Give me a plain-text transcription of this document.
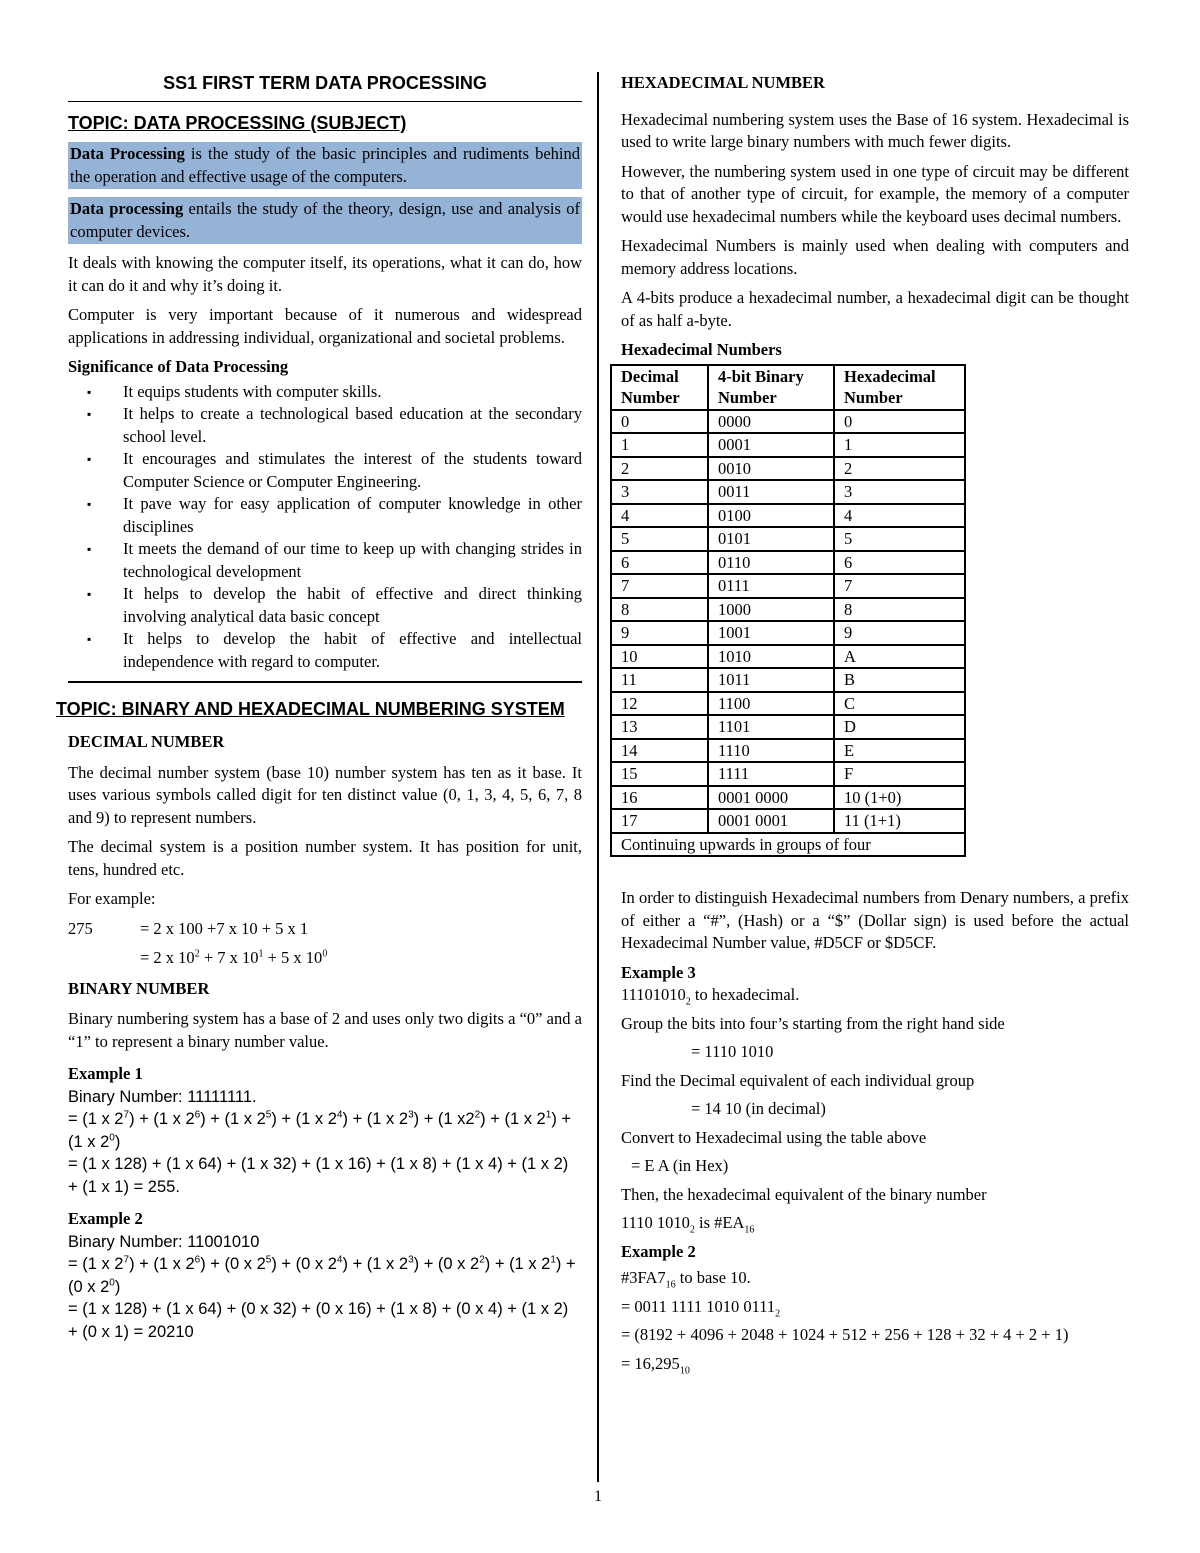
SS1 FIRST TERM DATA PROCESSING
TOPIC: DATA PROCESSING (SUBJECT)
Data Processing is the study of the basic principles and rudiments behind the operation and effective usage of the computers.
Data processing entails the study of the theory, design, use and analysis of computer devices.

It deals with knowing the computer itself, its operations, what it can do, how it can do it and why it’s doing it.

Computer is very important because of it numerous and widespread applications in addressing individual, organizational and societal problems.

Significance of Data Processing
▪ It equips students with computer skills.
▪ It helps to create a technological based education at the secondary school level.
▪ It encourages and stimulates the interest of the students toward Computer Science or Computer Engineering.
▪ It pave way for easy application of computer knowledge in other disciplines
▪ It meets the demand of our time to keep up with changing strides in technological development
▪ It helps to develop the habit of effective and direct thinking involving analytical data basic concept
▪ It helps to develop the habit of effective and intellectual independence with regard to computer.
TOPIC: BINARY AND HEXADECIMAL NUMBERING SYSTEM
DECIMAL NUMBER

The decimal number system (base 10) number system has ten as it base. It uses various symbols called digit for ten distinct value (0, 1, 3, 4, 5, 6, 7, 8 and 9) to represent numbers.

The decimal system is a position number system. It has position for unit, tens, hundred etc.

For example:

275	= 2 x 100 +7 x 10 + 5 x 1
= 2 x $10^2 + 7$ x $10^1 + 5$ x $10^0$
BINARY NUMBER

Binary numbering system has a base of 2 and uses only two digits a “0” and a “1” to represent a binary number value.

Example 1
Binary Number: 11111111.
= (1 x $2^7) + (1$ x $2^6) + (1$ x $2^5) + (1$ x $2^4) + (1$ x $2^3) + (1$ $x2^2) + (1$ x $2^1) + (1$ x $2^0$)
= (1 x 128) + (1 x 64) + (1 x 32) + (1 x 16) + (1 x 8) + (1 x 4) + (1 x 2) + (1 x 1) = 255.
Example 2
Binary Number: 11001010
= (1 x $2^7) + (1$ x $2^6) + (0$ x $2^5) + (0$ x $2^4) + (1$ x $2^3) + (0$ x $2^2) + (1$ x $2^1) + (0$ x $2^0$)
= (1 x 128) + (1 x 64) + (0 x 32) + (0 x 16) + (1 x 8) + (0 x 4) + (1 x 2) + (0 x 1) = 20210
HEXADECIMAL NUMBER

Hexadecimal numbering system uses the Base of 16 system. Hexadecimal is used to write large binary numbers with much fewer digits.

However, the numbering system used in one type of circuit may be different to that of another type of circuit, for example, the memory of a computer would use hexadecimal numbers while the keyboard uses decimal numbers.

Hexadecimal Numbers is mainly used when dealing with computers and memory address locations.

A 4-bits produce a hexadecimal number, a hexadecimal digit can be thought of as half a-byte.

Hexadecimal Numbers
Decimal Number	4-bit Binary Number	Hexadecimal Number
0	0000	0
1	0001	1
2	0010	2
3	0011	3
4	0100	4
5	0101	5
6	0110	6
7	0111	7
8	1000	8
9	1001	9
10	1010	A
11	1011	B
12	1100	C
13	1101	D
14	1110	E
15	1111	F
16	0001 0000	10 (1+0)
17	0001 0001	11 (1+1)
Continuing upwards in groups of four		

In order to distinguish Hexadecimal numbers from Denary numbers, a prefix of either a “#”, (Hash) or a “$” (Dollar sign) is used before the actual Hexadecimal Number value, #D5CF or $D5CF.

Example 3
$11101010_2$ to hexadecimal.
Group the bits into four’s starting from the right hand side
= 1110 1010
Find the Decimal equivalent of each individual group
= 14 10 (in decimal)
Convert to Hexadecimal using the table above
= E A (in Hex)
Then, the hexadecimal equivalent of the binary number
1110 $1010_2$ is $\#EA_{16}$
Example 2
$\#3FA7_{16}$ to base 10.
= 0011 1111 1010 $0111_2$
= (8192 + 4096 + 2048 + 1024 + 512 + 256 + 128 + 32 + 4 + 2 + 1)
= $16,295_{10}$
1
